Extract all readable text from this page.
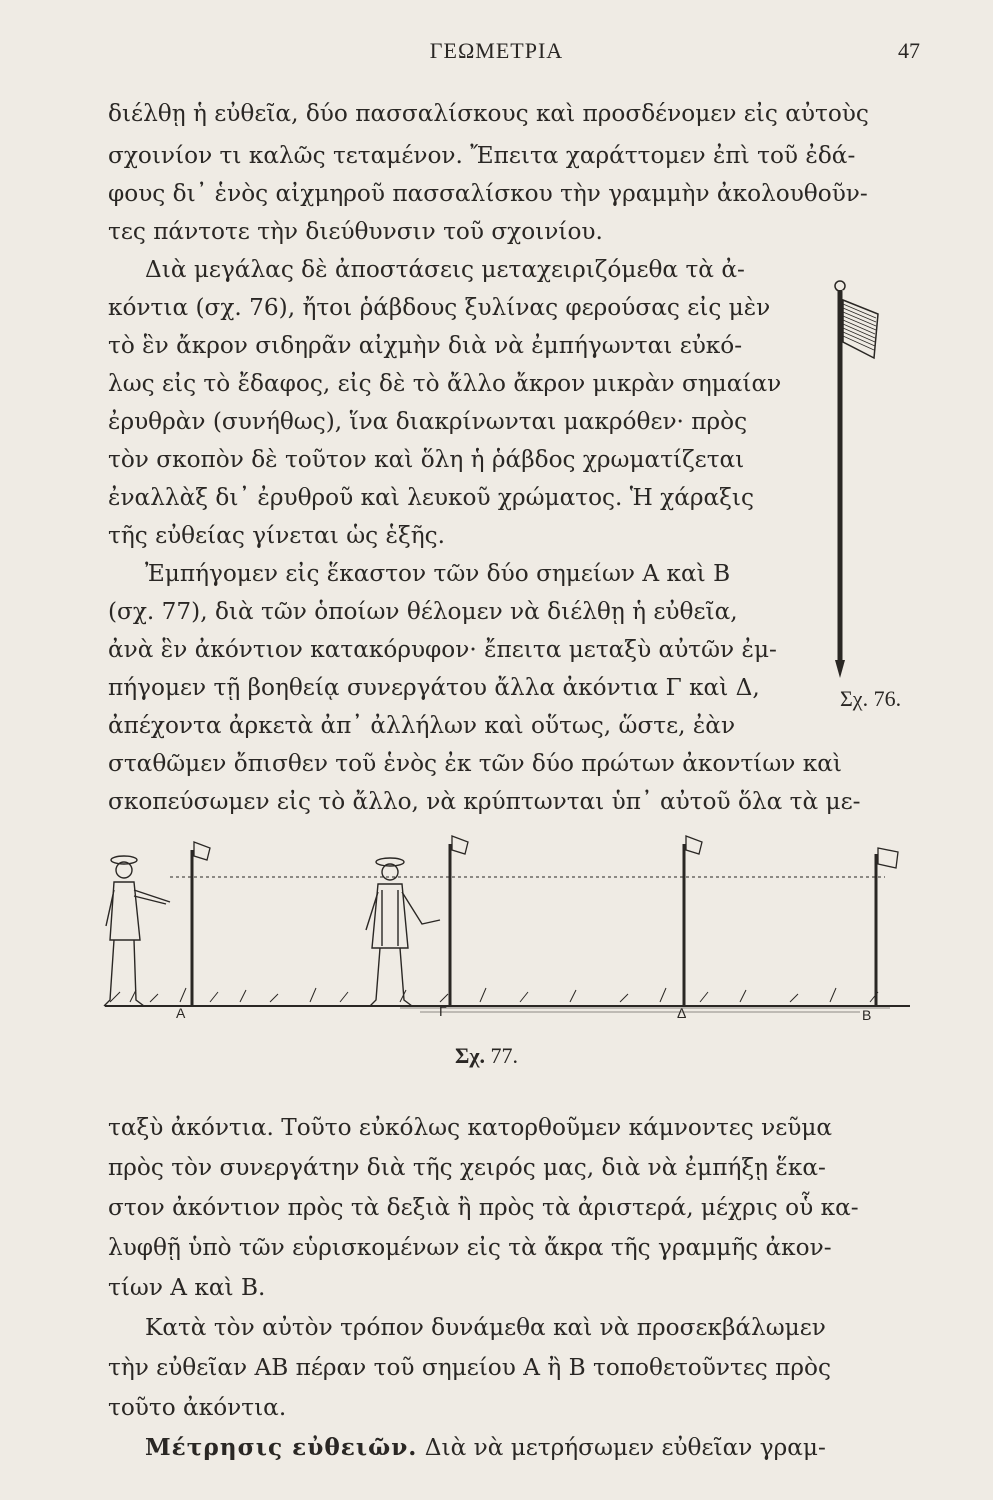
ΓΕΩΜΕΤΡΙΑ	47
διέλθῃ ἡ εὐθεῖα, δύο πασσαλίσκους καὶ προσδένομεν εἰς αὐτοὺς
σχοινίον τι καλῶς τεταμένον. Ἔπειτα χαράττομεν ἐπὶ τοῦ ἐδά-
φους δι᾽ ἑνὸς αἰχμηροῦ πασσαλίσκου τὴν γραμμὴν ἀκολουθοῦν-
τες πάντοτε τὴν διεύθυνσιν τοῦ σχοινίου.
Διὰ μεγάλας δὲ ἀποστάσεις μεταχειριζόμεθα τὰ ἀ-
κόντια (σχ. 76), ἤτοι ῥάβδους ξυλίνας φερούσας εἰς μὲν
τὸ ἓν ἄκρον σιδηρᾶν αἰχμὴν διὰ νὰ ἐμπήγωνται εὐκό-
λως εἰς τὸ ἔδαφος, εἰς δὲ τὸ ἄλλο ἄκρον μικρὰν σημαίαν
ἐρυθρὰν (συνήθως), ἵνα διακρίνωνται μακρόθεν· πρὸς
τὸν σκοπὸν δὲ τοῦτον καὶ ὅλη ἡ ῥάβδος χρωματίζεται
ἐναλλὰξ δι᾽ ἐρυθροῦ καὶ λευκοῦ χρώματος. Ἡ χάραξις
τῆς εὐθείας γίνεται ὡς ἑξῆς.
Ἐμπήγομεν εἰς ἕκαστον τῶν δύο σημείων Α καὶ Β
(σχ. 77), διὰ τῶν ὁποίων θέλομεν νὰ διέλθῃ ἡ εὐθεῖα,
ἀνὰ ἓν ἀκόντιον κατακόρυφον· ἔπειτα μεταξὺ αὐτῶν ἐμ-
πήγομεν τῇ βοηθείᾳ συνεργάτου ἄλλα ἀκόντια Γ καὶ Δ,
ἀπέχοντα ἀρκετὰ ἀπ᾽ ἀλλήλων καὶ οὕτως, ὥστε, ἐὰν
σταθῶμεν ὄπισθεν τοῦ ἑνὸς ἐκ τῶν δύο πρώτων ἀκοντίων καὶ
σκοπεύσωμεν εἰς τὸ ἄλλο, νὰ κρύπτωνται ὑπ᾽ αὐτοῦ ὅλα τὰ με-
Σχ. 76.
Α	Γ	Δ	Β
Σχ. 77.
ταξὺ ἀκόντια. Τοῦτο εὐκόλως κατορθοῦμεν κάμνοντες νεῦμα
πρὸς τὸν συνεργάτην διὰ τῆς χειρός μας, διὰ νὰ ἐμπήξῃ ἕκα-
στον ἀκόντιον πρὸς τὰ δεξιὰ ἢ πρὸς τὰ ἀριστερά, μέχρις οὗ κα-
λυφθῇ ὑπὸ τῶν εὑρισκομένων εἰς τὰ ἄκρα τῆς γραμμῆς ἀκον-
τίων Α καὶ Β.
Κατὰ τὸν αὐτὸν τρόπον δυνάμεθα καὶ νὰ προσεκβάλωμεν
τὴν εὐθεῖαν ΑΒ πέραν τοῦ σημείου Α ἢ Β τοποθετοῦντες πρὸς
τοῦτο ἀκόντια.
Μέτρησις εὐθειῶν. Διὰ νὰ μετρήσωμεν εὐθεῖαν γραμ-
